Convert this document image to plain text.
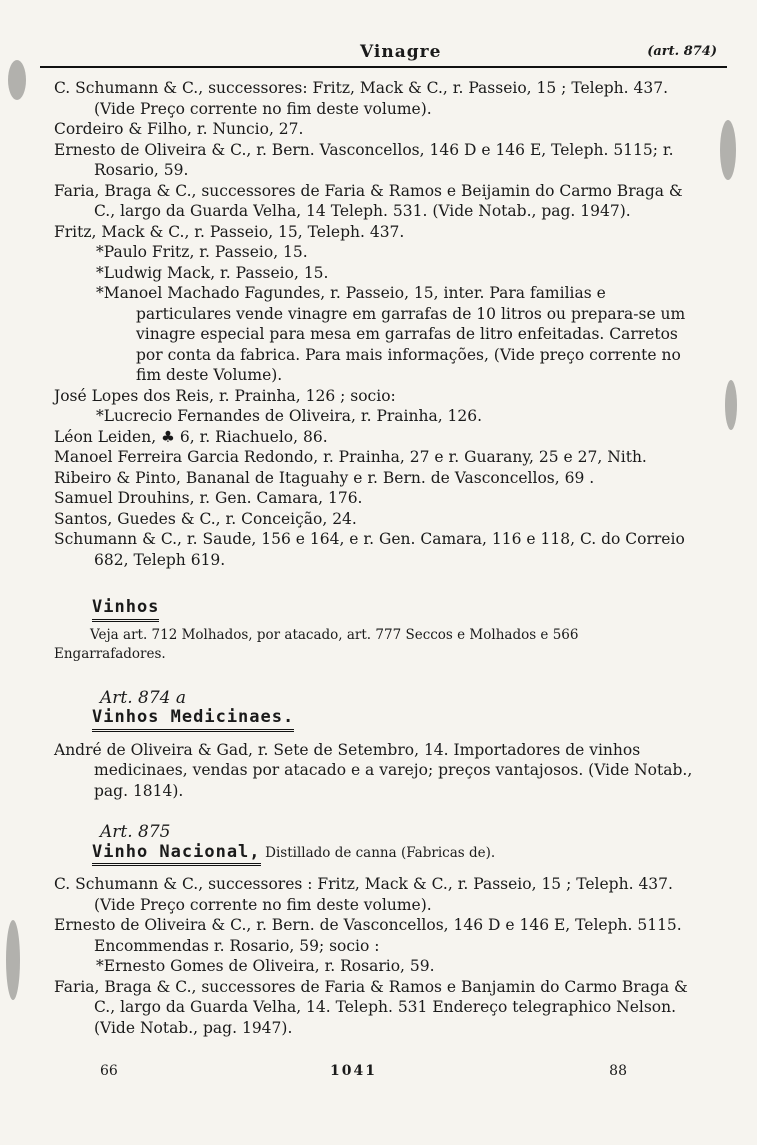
Vinagre	(art. 874)

C. Schumann & C., successores: Fritz, Mack & C., r. Passeio, 15 ; Teleph. 437. (Vide Preço corrente no fim deste volume).

Cordeiro & Filho, r. Nuncio, 27.

Ernesto de Oliveira & C., r. Bern. Vasconcellos, 146 D e 146 E, Teleph. 5115; r. Rosario, 59.

Faria, Braga & C., successores de Faria & Ramos e Beijamin do Carmo Braga & C., largo da Guarda Velha, 14 Teleph. 531. (Vide Notab., pag. 1947).

Fritz, Mack & C., r. Passeio, 15, Teleph. 437.

*Paulo Fritz, r. Passeio, 15.

*Ludwig Mack, r. Passeio, 15.

*Manoel Machado Fagundes, r. Passeio, 15, inter. Para familias e particulares vende vinagre em garrafas de 10 litros ou prepara-se um vinagre especial para mesa em garrafas de litro enfeitadas. Carretos por conta da fabrica. Para mais informações, (Vide preço corrente no fim deste Volume).

José Lopes dos Reis, r. Prainha, 126 ; socio:

*Lucrecio Fernandes de Oliveira, r. Prainha, 126.

Léon Leiden, ♣ 6, r. Riachuelo, 86.

Manoel Ferreira Garcia Redondo, r. Prainha, 27 e r. Guarany, 25 e 27, Nith.

Ribeiro & Pinto, Bananal de Itaguahy e r. Bern. de Vasconcellos, 69 .

Samuel Drouhins, r. Gen. Camara, 176.

Santos, Guedes & C., r. Conceição, 24.

Schumann & C., r. Saude, 156 e 164, e r. Gen. Camara, 116 e 118, C. do Correio 682, Teleph 619.

Vinhos

Veja art. 712 Molhados, por atacado, art. 777 Seccos e Molhados e 566 Engarrafadores.

Art. 874 a
Vinhos Medicinaes.

André de Oliveira & Gad, r. Sete de Setembro, 14. Importadores de vinhos medicinaes, vendas por atacado e a varejo; preços vantajosos. (Vide Notab., pag. 1814).

Art. 875
Vinho Nacional, Distillado de canna (Fabricas de).

C. Schumann & C., successores : Fritz, Mack & C., r. Passeio, 15 ; Teleph. 437. (Vide Preço corrente no fim deste volume).

Ernesto de Oliveira & C., r. Bern. de Vasconcellos, 146 D e 146 E, Teleph. 5115. Encommendas r. Rosario, 59; socio :

*Ernesto Gomes de Oliveira, r. Rosario, 59.

Faria, Braga & C., successores de Faria & Ramos e Banjamin do Carmo Braga & C., largo da Guarda Velha, 14. Teleph. 531 Endereço telegraphico Nelson. (Vide Notab., pag. 1947).

66	1041	88
